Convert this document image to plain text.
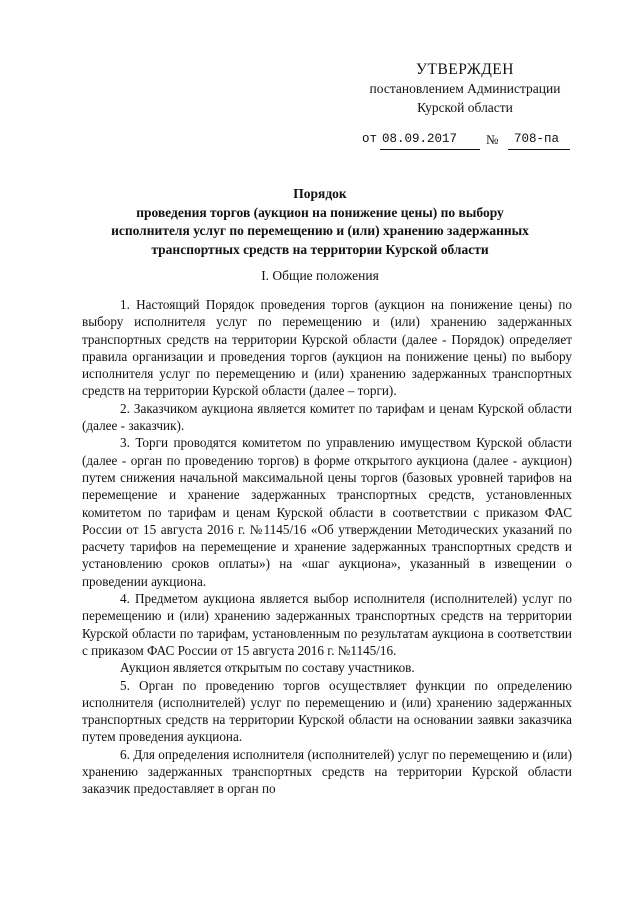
УТВЕРЖДЕН
постановлением Администрации
Курской области
от 08.09.2017 № 708-па
Порядок
проведения торгов (аукцион на понижение цены) по выбору
исполнителя услуг по перемещению и (или) хранению задержанных
транспортных средств на территории Курской области
I. Общие положения

1. Настоящий Порядок проведения торгов (аукцион на понижение цены) по выбору исполнителя услуг по перемещению и (или) хранению задержанных транспортных средств на территории Курской области (далее - Порядок) определяет правила организации и проведения торгов (аукцион на понижение цены) по выбору исполнителя услуг по перемещению и (или) хранению задержанных транспортных средств на территории Курской области (далее – торги).

2. Заказчиком аукциона является комитет по тарифам и ценам Курской области (далее - заказчик).

3. Торги проводятся комитетом по управлению имуществом Курской области (далее - орган по проведению торгов) в форме открытого аукциона (далее - аукцион) путем снижения начальной максимальной цены торгов (базовых уровней тарифов на перемещение и хранение задержанных транспортных средств, установленных комитетом по тарифам и ценам Курской области в соответствии с приказом ФАС России от 15 августа 2016 г. №1145/16 «Об утверждении Методических указаний по расчету тарифов на перемещение и хранение задержанных транспортных средств и установлению сроков оплаты») на «шаг аукциона», указанный в извещении о проведении аукциона.

4. Предметом аукциона является выбор исполнителя (исполнителей) услуг по перемещению и (или) хранению задержанных транспортных средств на территории Курской области по тарифам, установленным по результатам аукциона в соответствии с приказом ФАС России от 15 августа 2016 г. №1145/16.

Аукцион является открытым по составу участников.

5. Орган по проведению торгов осуществляет функции по определению исполнителя (исполнителей) услуг по перемещению и (или) хранению задержанных транспортных средств на территории Курской области на основании заявки заказчика путем проведения аукциона.

6. Для определения исполнителя (исполнителей) услуг по перемещению и (или) хранению задержанных транспортных средств на территории Курской области заказчик предоставляет в орган по
